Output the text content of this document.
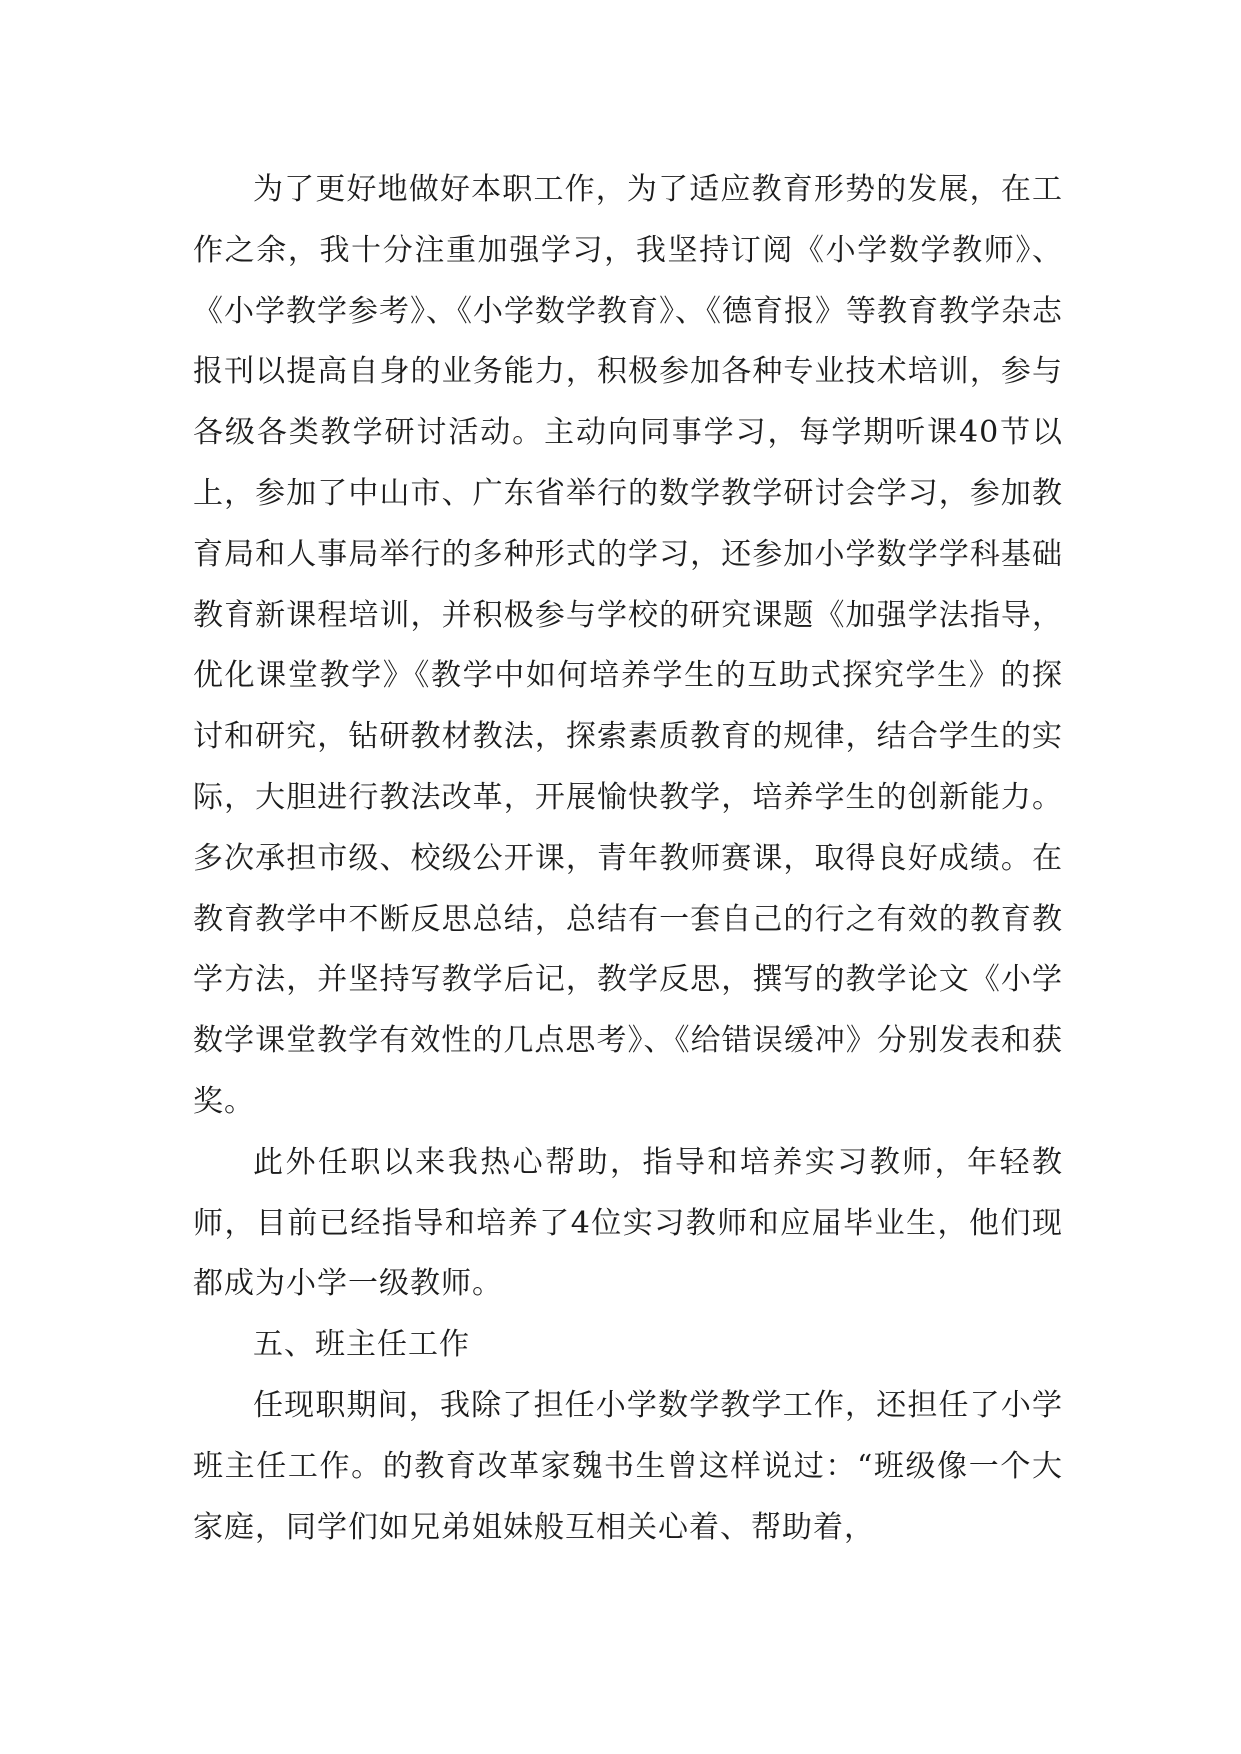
为了更好地做好本职工作，为了适应教育形势的发展，在工作之余，我十分注重加强学习，我坚持订阅《小学数学教师》、《小学教学参考》、《小学数学教育》、《德育报》等教育教学杂志报刊以提高自身的业务能力，积极参加各种专业技术培训，参与各级各类教学研讨活动。主动向同事学习，每学期听课40节以上，参加了中山市、广东省举行的数学教学研讨会学习，参加教育局和人事局举行的多种形式的学习，还参加小学数学学科基础教育新课程培训，并积极参与学校的研究课题《加强学法指导，优化课堂教学》《教学中如何培养学生的互助式探究学生》的探讨和研究，钻研教材教法，探索素质教育的规律，结合学生的实际，大胆进行教法改革，开展愉快教学，培养学生的创新能力。多次承担市级、校级公开课，青年教师赛课，取得良好成绩。在教育教学中不断反思总结，总结有一套自己的行之有效的教育教学方法，并坚持写教学后记，教学反思，撰写的教学论文《小学数学课堂教学有效性的几点思考》、《给错误缓冲》分别发表和获奖。

此外任职以来我热心帮助，指导和培养实习教师，年轻教师，目前已经指导和培养了4位实习教师和应届毕业生，他们现都成为小学一级教师。

五、班主任工作

任现职期间，我除了担任小学数学教学工作，还担任了小学班主任工作。的教育改革家魏书生曾这样说过：“班级像一个大家庭，同学们如兄弟姐妹般互相关心着、帮助着，
